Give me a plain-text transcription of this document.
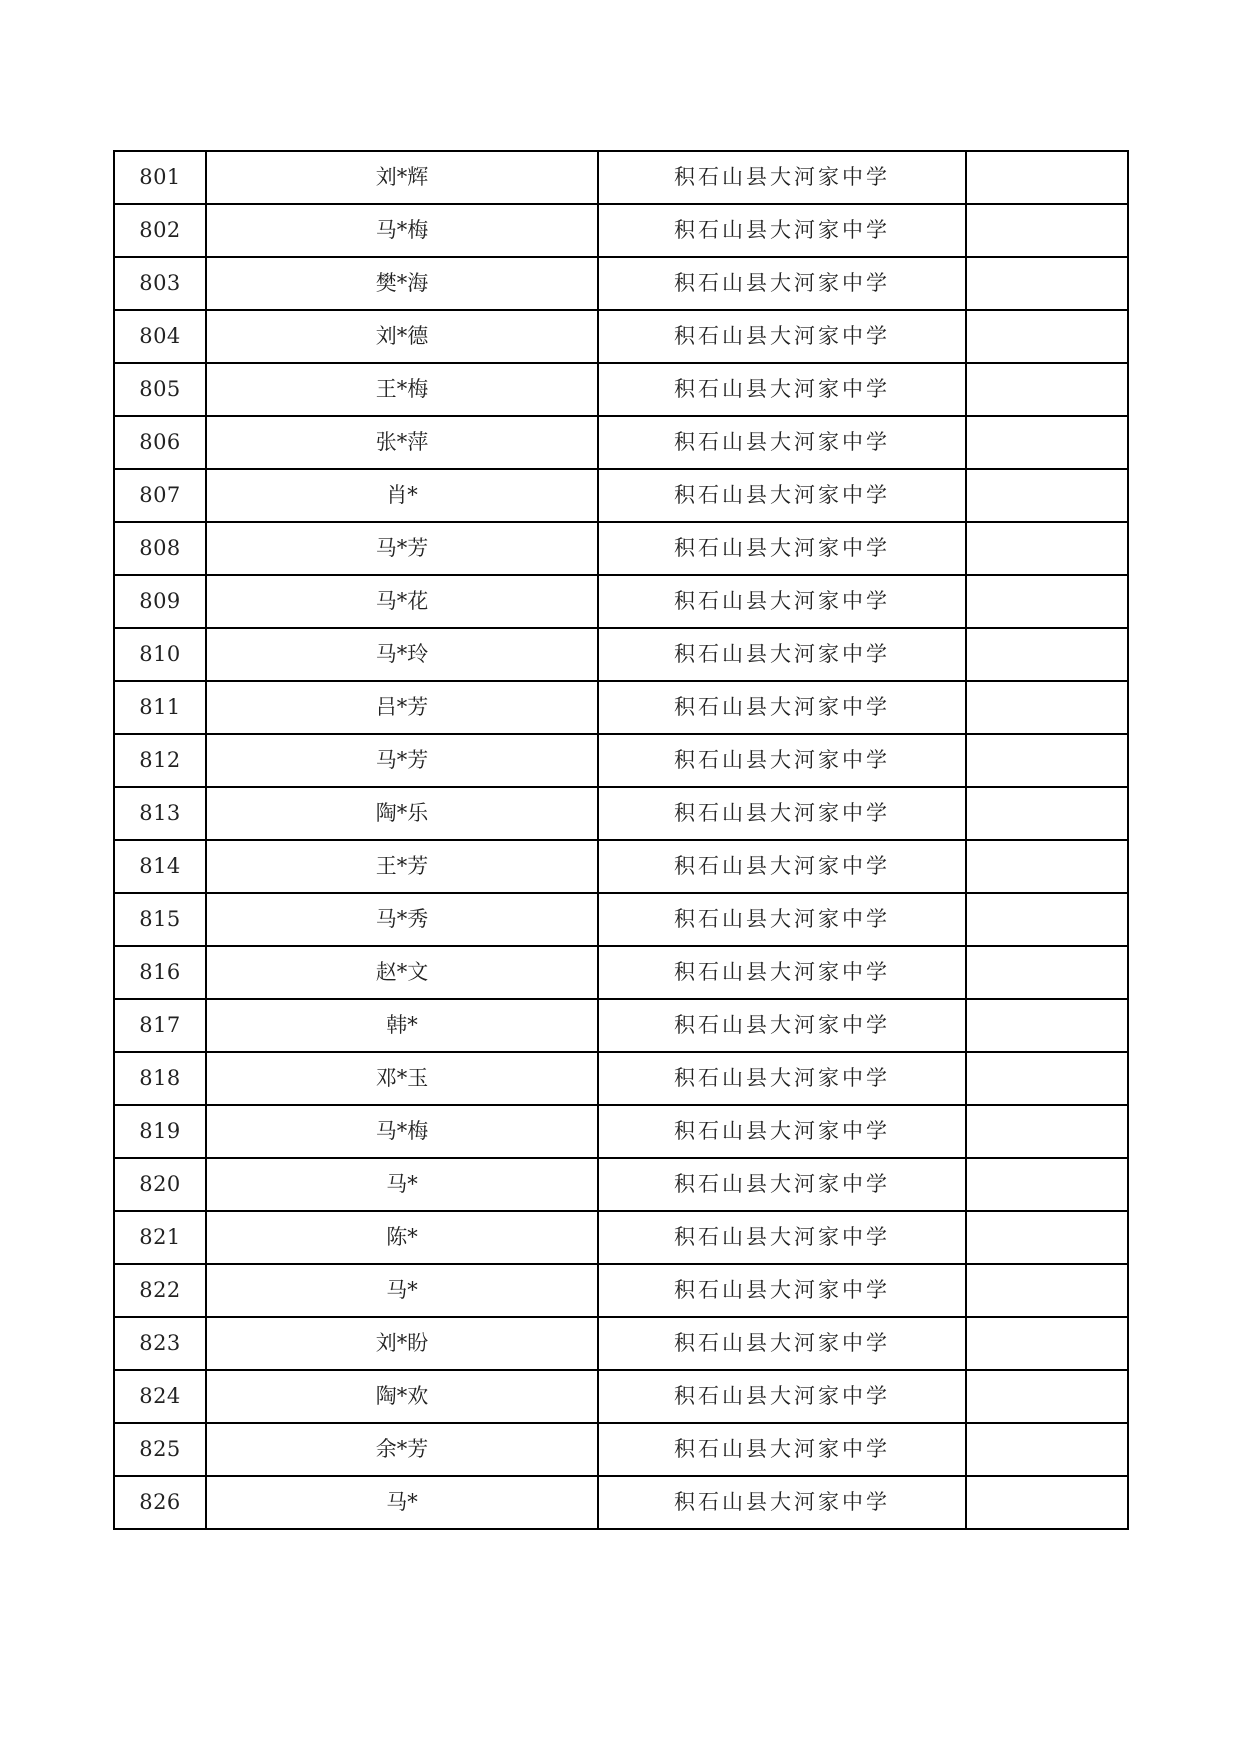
801	刘*辉	积石山县大河家中学	
802	马*梅	积石山县大河家中学	
803	樊*海	积石山县大河家中学	
804	刘*德	积石山县大河家中学	
805	王*梅	积石山县大河家中学	
806	张*萍	积石山县大河家中学	
807	肖*	积石山县大河家中学	
808	马*芳	积石山县大河家中学	
809	马*花	积石山县大河家中学	
810	马*玲	积石山县大河家中学	
811	吕*芳	积石山县大河家中学	
812	马*芳	积石山县大河家中学	
813	陶*乐	积石山县大河家中学	
814	王*芳	积石山县大河家中学	
815	马*秀	积石山县大河家中学	
816	赵*文	积石山县大河家中学	
817	韩*	积石山县大河家中学	
818	邓*玉	积石山县大河家中学	
819	马*梅	积石山县大河家中学	
820	马*	积石山县大河家中学	
821	陈*	积石山县大河家中学	
822	马*	积石山县大河家中学	
823	刘*盼	积石山县大河家中学	
824	陶*欢	积石山县大河家中学	
825	余*芳	积石山县大河家中学	
826	马*	积石山县大河家中学	
